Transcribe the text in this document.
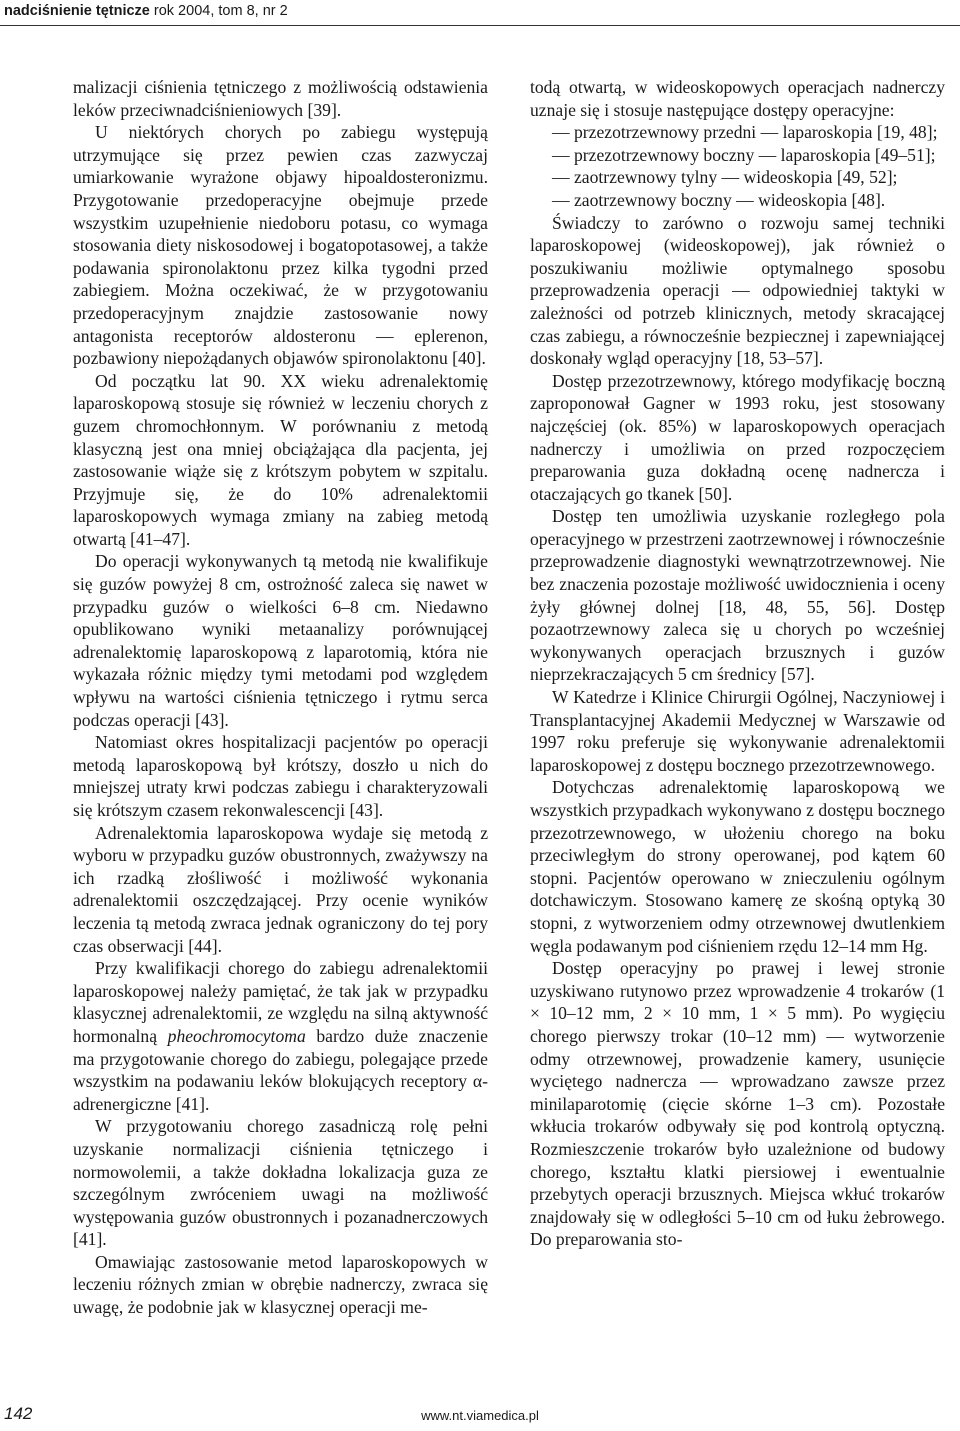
nadciśnienie tętnicze rok 2004, tom 8, nr 2

malizacji ciśnienia tętniczego z możliwością odstawienia leków przeciwnadciśnieniowych [39].

U niektórych chorych po zabiegu występują utrzymujące się przez pewien czas zazwyczaj umiarkowanie wyrażone objawy hipoaldosteronizmu. Przygotowanie przedoperacyjne obejmuje przede wszystkim uzupełnienie niedoboru potasu, co wymaga stosowania diety niskosodowej i bogatopotasowej, a także podawania spironolaktonu przez kilka tygodni przed zabiegiem. Można oczekiwać, że w przygotowaniu przedoperacyjnym znajdzie zastosowanie nowy antagonista receptorów aldosteronu — eplerenon, pozbawiony niepożądanych objawów spironolaktonu [40].

Od początku lat 90. XX wieku adrenalektomię laparoskopową stosuje się również w leczeniu chorych z guzem chromochłonnym. W porównaniu z metodą klasyczną jest ona mniej obciążająca dla pacjenta, jej zastosowanie wiąże się z krótszym pobytem w szpitalu. Przyjmuje się, że do 10% adrenalektomii laparoskopowych wymaga zmiany na zabieg metodą otwartą [41–47].

Do operacji wykonywanych tą metodą nie kwalifikuje się guzów powyżej 8 cm, ostrożność zaleca się nawet w przypadku guzów o wielkości 6–8 cm. Niedawno opublikowano wyniki metaanalizy porównującej adrenalektomię laparoskopową z laparotomią, która nie wykazała różnic między tymi metodami pod względem wpływu na wartości ciśnienia tętniczego i rytmu serca podczas operacji [43].

Natomiast okres hospitalizacji pacjentów po operacji metodą laparoskopową był krótszy, doszło u nich do mniejszej utraty krwi podczas zabiegu i charakteryzowali się krótszym czasem rekonwalescencji [43].

Adrenalektomia laparoskopowa wydaje się metodą z wyboru w przypadku guzów obustronnych, zważywszy na ich rzadką złośliwość i możliwość wykonania adrenalektomii oszczędzającej. Przy ocenie wyników leczenia tą metodą zwraca jednak ograniczony do tej pory czas obserwacji [44].

Przy kwalifikacji chorego do zabiegu adrenalektomii laparoskopowej należy pamiętać, że tak jak w przypadku klasycznej adrenalektomii, ze względu na silną aktywność hormonalną pheochromocytoma bardzo duże znaczenie ma przygotowanie chorego do zabiegu, polegające przede wszystkim na podawaniu leków blokujących receptory α-adrenergiczne [41].

W przygotowaniu chorego zasadniczą rolę pełni uzyskanie normalizacji ciśnienia tętniczego i normowolemii, a także dokładna lokalizacja guza ze szczególnym zwróceniem uwagi na możliwość występowania guzów obustronnych i pozanadnerczowych [41].

Omawiając zastosowanie metod laparoskopowych w leczeniu różnych zmian w obrębie nadnerczy, zwraca się uwagę, że podobnie jak w klasycznej operacji me-

todą otwartą, w wideoskopowych operacjach nadnerczy uznaje się i stosuje następujące dostępy operacyjne:

— przezotrzewnowy przedni — laparoskopia [19, 48];

— przezotrzewnowy boczny — laparoskopia [49–51];

— zaotrzewnowy tylny — wideoskopia [49, 52];

— zaotrzewnowy boczny — wideoskopia [48].

Świadczy to zarówno o rozwoju samej techniki laparoskopowej (wideoskopowej), jak również o poszukiwaniu możliwie optymalnego sposobu przeprowadzenia operacji — odpowiedniej taktyki w zależności od potrzeb klinicznych, metody skracającej czas zabiegu, a równocześnie bezpiecznej i zapewniającej doskonały wgląd operacyjny [18, 53–57].

Dostęp przezotrzewnowy, którego modyfikację boczną zaproponował Gagner w 1993 roku, jest stosowany najczęściej (ok. 85%) w laparoskopowych operacjach nadnerczy i umożliwia on przed rozpoczęciem preparowania guza dokładną ocenę nadnercza i otaczających go tkanek [50].

Dostęp ten umożliwia uzyskanie rozległego pola operacyjnego w przestrzeni zaotrzewnowej i równocześnie przeprowadzenie diagnostyki wewnątrzotrzewnowej. Nie bez znaczenia pozostaje możliwość uwidocznienia i oceny żyły głównej dolnej [18, 48, 55, 56]. Dostęp pozaotrzewnowy zaleca się u chorych po wcześniej wykonywanych operacjach brzusznych i guzów nieprzekraczających 5 cm średnicy [57].

W Katedrze i Klinice Chirurgii Ogólnej, Naczyniowej i Transplantacyjnej Akademii Medycznej w Warszawie od 1997 roku preferuje się wykonywanie adrenalektomii laparoskopowej z dostępu bocznego przezotrzewnowego.

Dotychczas adrenalektomię laparoskopową we wszystkich przypadkach wykonywano z dostępu bocznego przezotrzewnowego, w ułożeniu chorego na boku przeciwległym do strony operowanej, pod kątem 60 stopni. Pacjentów operowano w znieczuleniu ogólnym dotchawiczym. Stosowano kamerę ze skośną optyką 30 stopni, z wytworzeniem odmy otrzewnowej dwutlenkiem węgla podawanym pod ciśnieniem rzędu 12–14 mm Hg.

Dostęp operacyjny po prawej i lewej stronie uzyskiwano rutynowo przez wprowadzenie 4 trokarów (1 × 10–12 mm, 2 × 10 mm, 1 × 5 mm). Po wygięciu chorego pierwszy trokar (10–12 mm) — wytworzenie odmy otrzewnowej, prowadzenie kamery, usunięcie wyciętego nadnercza — wprowadzano zawsze przez minilaparotomię (cięcie skórne 1–3 cm). Pozostałe wkłucia trokarów odbywały się pod kontrolą optyczną. Rozmieszczenie trokarów było uzależnione od budowy chorego, kształtu klatki piersiowej i ewentualnie przebytych operacji brzusznych. Miejsca wkłuć trokarów znajdowały się w odległości 5–10 cm od łuku żebrowego. Do preparowania sto-

142	www.nt.viamedica.pl
